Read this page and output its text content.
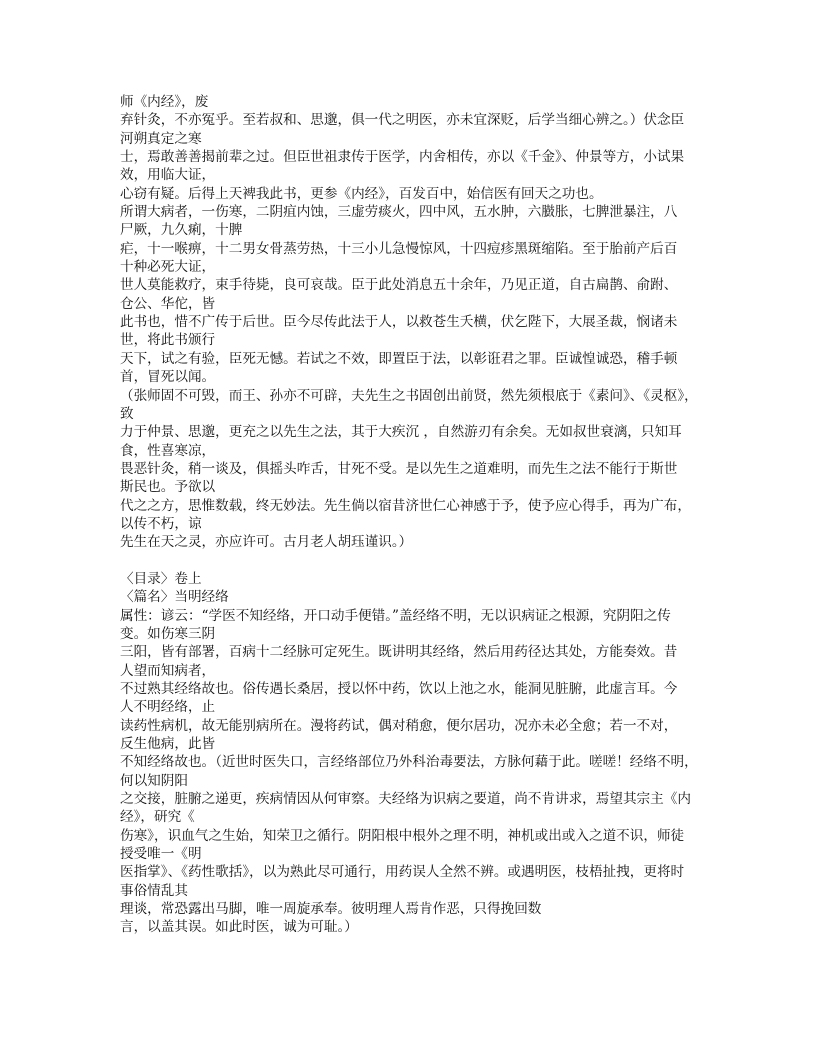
师《内经》，废
弃针灸，不亦冤乎。至若叔和、思邈，俱一代之明医，亦未宜深贬，后学当细心辨之。）伏念臣
河朔真定之寒
士，焉敢善善揭前辈之过。但臣世祖隶传于医学，内舍相传，亦以《千金》、仲景等方，小试果
效，用临大证，
心窃有疑。后得上天裨我此书，更参《内经》，百发百中，始信医有回天之功也。
所谓大病者，一伤寒，二阴疽内蚀，三虚劳痰火，四中风，五水肿，六臌胀，七脾泄暴注，八
尸厥，九久痢，十脾
疟，十一喉痹，十二男女骨蒸劳热，十三小儿急慢惊风，十四痘疹黑斑缩陷。至于胎前产后百
十种必死大证，
世人莫能救疗，束手待毙，良可哀哉。臣于此处消息五十余年，乃见正道，自古扁鹊、俞跗、
仓公、华佗，皆
此书也，惜不广传于后世。臣今尽传此法于人，以救苍生夭横，伏乞陛下，大展圣裁，悯诸未
世，将此书颁行
天下，试之有验，臣死无憾。若试之不效，即置臣于法，以彰诳君之罪。臣诚惶诚恐，稽手顿
首，冒死以闻。
（张师固不可毁，而王、孙亦不可辟，夫先生之书固创出前贤，然先须根底于《素问》、《灵枢》，
致
力于仲景、思邈，更充之以先生之法，其于大疾沉 ，自然游刃有余矣。无如叔世衰漓，只知耳
食，性喜寒凉，
畏恶针灸，稍一谈及，俱摇头咋舌，甘死不受。是以先生之道难明，而先生之法不能行于斯世
斯民也。予欲以
代之之方，思惟数载，终无妙法。先生倘以宿昔济世仁心神感于予，使予应心得手，再为广布，
以传不朽，谅
先生在天之灵，亦应许可。古月老人胡珏谨识。）
〈目录〉卷上
〈篇名〉当明经络
属性：谚云：“学医不知经络，开口动手便错。”盖经络不明，无以识病证之根源，究阴阳之传
变。如伤寒三阴
三阳，皆有部署，百病十二经脉可定死生。既讲明其经络，然后用药径达其处，方能奏效。昔
人望而知病者，
不过熟其经络故也。俗传遇长桑居，授以怀中药，饮以上池之水，能洞见脏腑，此虚言耳。今
人不明经络，止
读药性病机，故无能别病所在。漫将药试，偶对稍愈，便尔居功，况亦未必全愈；若一不对，
反生他病，此皆
不知经络故也。（近世时医失口，言经络部位乃外科治毒要法，方脉何藉于此。嗟嗟！经络不明，
何以知阴阳
之交接，脏腑之递更，疾病情因从何审察。夫经络为识病之要道，尚不肯讲求，焉望其宗主《内
经》，研究《
伤寒》，识血气之生始，知荣卫之循行。阴阳根中根外之理不明，神机或出或入之道不识，师徒
授受唯一《明
医指掌》、《药性歌括》，以为熟此尽可通行，用药误人全然不辨。或遇明医，枝梧扯拽，更将时
事俗情乱其
理谈，常恐露出马脚，唯一周旋承奉。彼明理人焉肯作恶，只得挽回数
言，以盖其误。如此时医，诚为可耻。）
